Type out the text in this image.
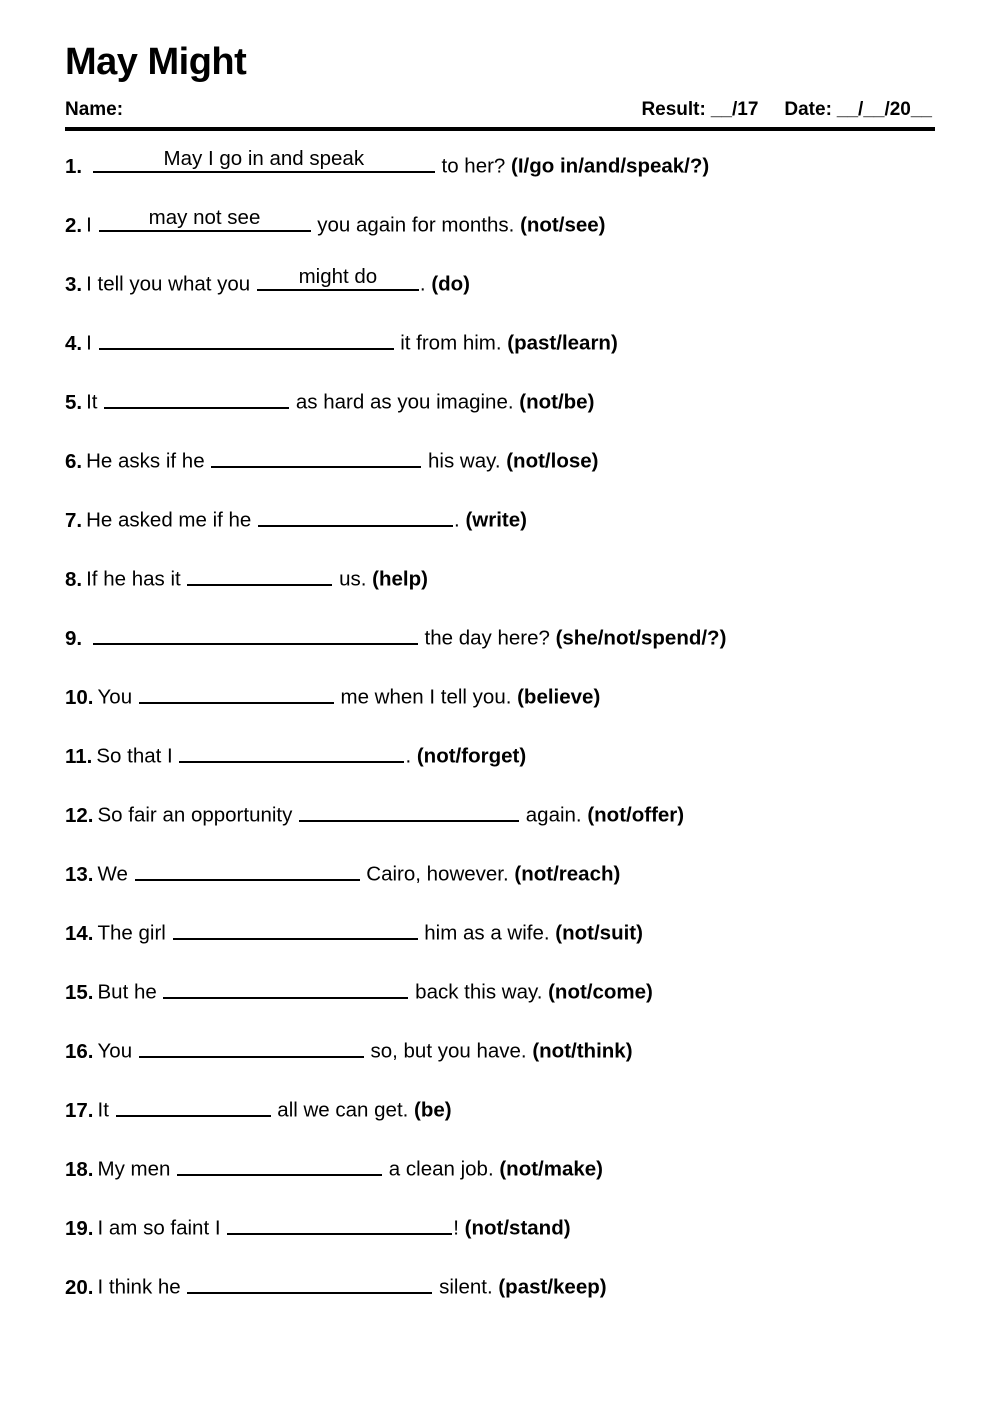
May Might
Name:	Result: __/17 Date: __/__/20__
1.	May I go in and speak	to her? (I/go in/and/speak/?)
2. I may not see you again for months. (not/see)
3. I tell you what you might do . (do)
4. I	it from him. (past/learn)
5. It	as hard as you imagine. (not/be)
6. He asks if he	his way. (not/lose)
7. He asked me if he	. (write)
8. If he has it	us. (help)
9.	the day here? (she/not/spend/?)
10. You	me when I tell you. (believe)
11. So that I	. (not/forget)
12. So fair an opportunity	again. (not/offer)
13. We	Cairo, however. (not/reach)
14. The girl	him as a wife. (not/suit)
15. But he	back this way. (not/come)
16. You	so, but you have. (not/think)
17. It	all we can get. (be)
18. My men	a clean job. (not/make)
19. I am so faint I	! (not/stand)
20. I think he	silent. (past/keep)
